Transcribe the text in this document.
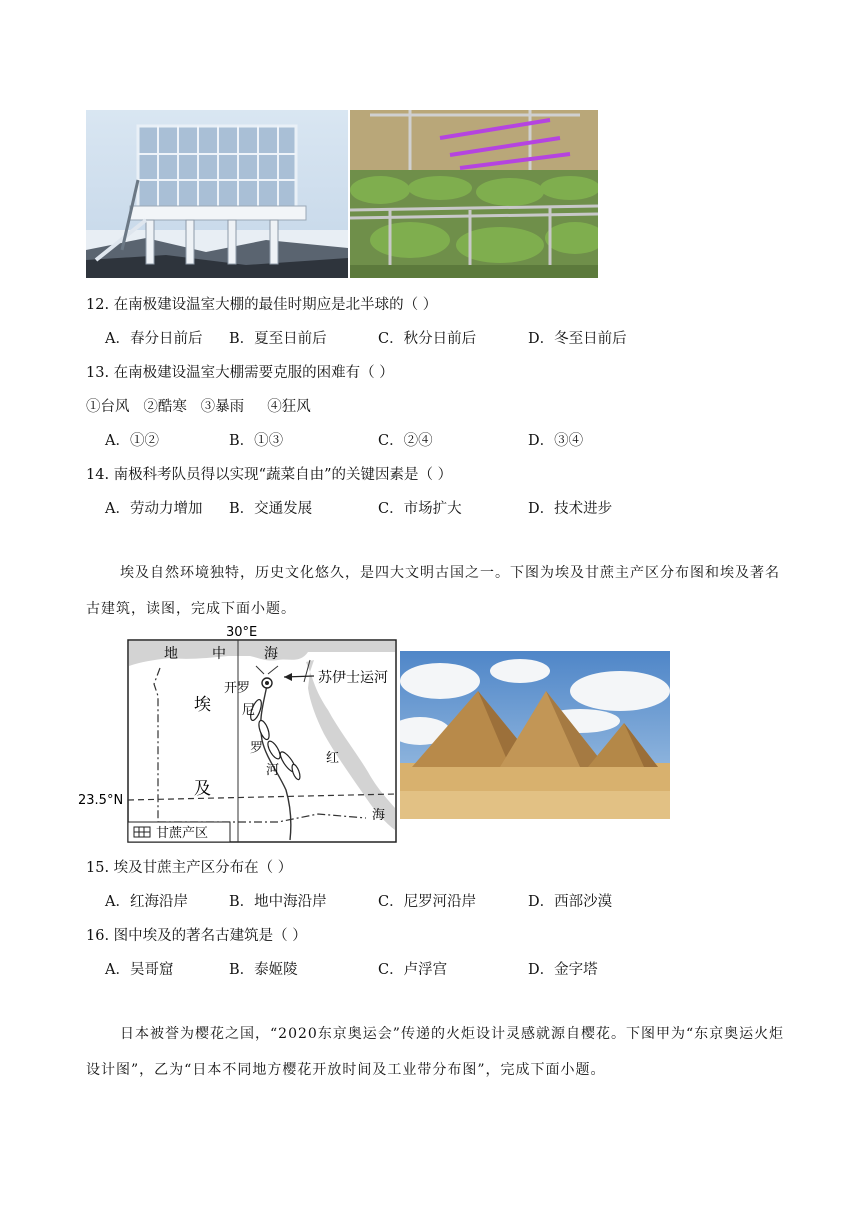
12. 在南极建设温室大棚的最佳时期应是北半球的（ ）
A．春分日前后 B．夏至日前后	C．秋分日前后	D．冬至日前后
13. 在南极建设温室大棚需要克服的困难有（ ）
①台风   ②酷寒   ③暴雨     ④狂风
A．①②	B．①③	C．②④	D．③④
14. 南极科考队员得以实现“蔬菜自由”的关键因素是（ ）
A．劳动力增加 B．交通发展	C．市场扩大	D．技术进步
埃及自然环境独特，历史文化悠久，是四大文明古国之一。下图为埃及甘蔗主产区分布图和埃及著名古建筑，读图，完成下面小题。
30°E
23.5°N
地 中	海
开罗
苏伊士运河
埃
及
尼
罗
河
红
海
甘蔗产区
15. 埃及甘蔗主产区分布在（ ）
A．红海沿岸	B．地中海沿岸	C．尼罗河沿岸	D．西部沙漠
16. 图中埃及的著名古建筑是（ ）
A．吴哥窟	B．泰姬陵	C．卢浮宫	D．金字塔
日本被誉为樱花之国，“2020东京奥运会”传递的火炬设计灵感就源自樱花。下图甲为“东京奥运火炬设计图”，乙为“日本不同地方樱花开放时间及工业带分布图”，完成下面小题。
